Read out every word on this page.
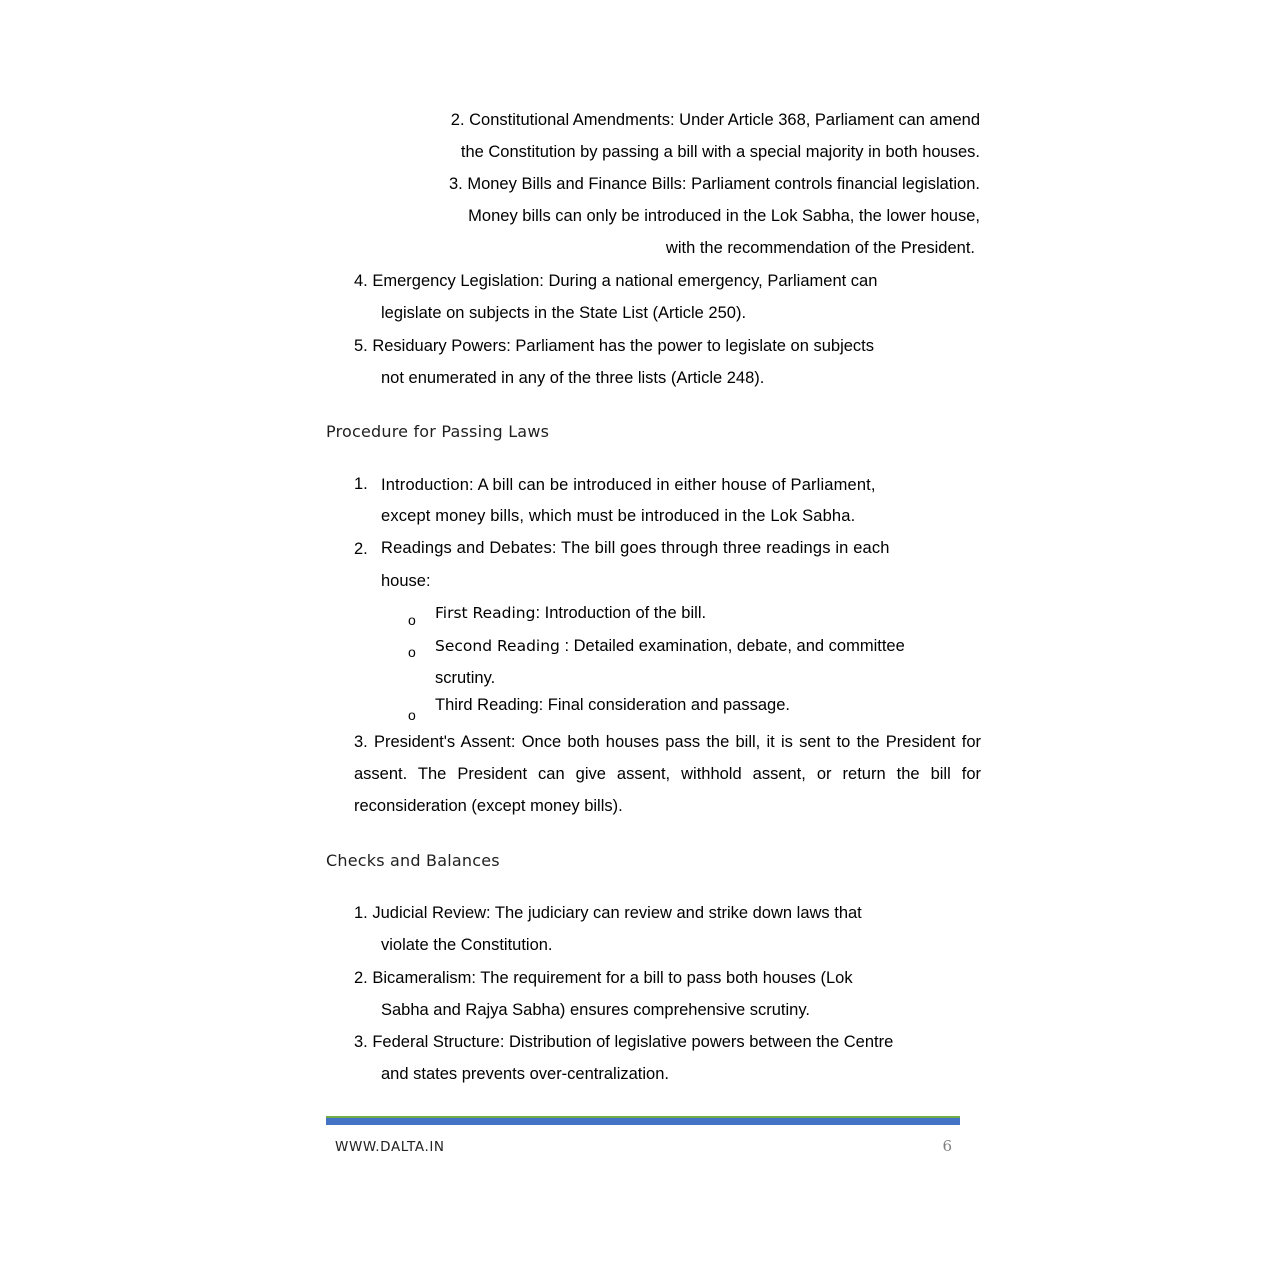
2. Constitutional Amendments: Under Article 368, Parliament can amend
the Constitution by passing a bill with a special majority in both houses.
3. Money Bills and Finance Bills: Parliament controls financial legislation.
Money bills can only be introduced in the Lok Sabha, the lower house,
with the recommendation of the President.
4. Emergency Legislation: During a national emergency, Parliament can
legislate on subjects in the State List (Article 250).
5. Residuary Powers: Parliament has the power to legislate on subjects
not enumerated in any of the three lists (Article 248).
Procedure for Passing Laws
1. Introduction: A bill can be introduced in either house of Parliament,
except money bills, which must be introduced in the Lok Sabha.
2. Readings and Debates: The bill goes through three readings in each
house:
o First Reading: Introduction of the bill.
o Second Reading : Detailed examination, debate, and committee
scrutiny.
o
Third Reading: Final consideration and passage.
3. President's Assent: Once both houses pass the bill, it is sent to the President for
assent. The President can give assent, withhold assent, or return the bill for
reconsideration (except money bills).
Checks and Balances
1. Judicial Review: The judiciary can review and strike down laws that
violate the Constitution.
2. Bicameralism: The requirement for a bill to pass both houses (Lok
Sabha and Rajya Sabha) ensures comprehensive scrutiny.
3. Federal Structure: Distribution of legislative powers between the Centre
and states prevents over-centralization.
WWW.DALTA.IN	6
